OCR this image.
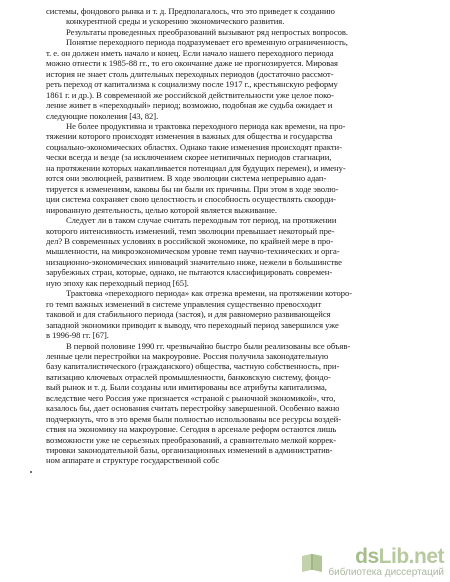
системы, фондового рынка и т. д. Предполагалось, что это приведет к созданию
конкурентной среды и ускорению экономического развития.
Результаты проведенных преобразований вызывают ряд непростых вопросов.
Понятие переходного периода подразумевает его временную ограниченность,
т. е. он должен иметь начало и конец. Если начало нашего переходного периода
можно отнести к 1985-88 гг., то его окончание даже не прогнозируется. Мировая
история не знает столь длительных переходных периодов (достаточно рассмот-
реть переход от капитализма к социализму после 1917 г., крестьянскую реформу
1861 г. и др.). В современной же российской действительности уже целое поко-
ление живет в «переходный» период; возможно, подобная же судьба ожидает и
следующие поколения [43, 82].
Не более продуктивна и трактовка переходного периода как времени, на про-
тяжении которого происходят изменения в важных для общества и государства
социально-экономических областях. Однако такие изменения происходят практи-
чески всегда и везде (за исключением скорее нетипичных периодов стагнации,
на протяжении которых накапливается потенциал для будущих перемен), и имену-
ются они эволюцией, развитием. В ходе эволюции система непрерывно адап-
тируется к изменениям, каковы бы ни были их причины. При этом в ходе эволю-
ции система сохраняет свою целостность и способность осуществлять скоорди-
нированную деятельность, целью которой является выживание.
Следует ли в таком случае считать переходным тот период, на протяжении
которого интенсивность изменений, темп эволюции превышает некоторый пре-
дел? В современных условиях в российской экономике, по крайней мере в про-
мышленности, на микроэкономическом уровне темп научно-технических и орга-
низационно-экономических инноваций значительно ниже, нежели в большинстве
зарубежных стран, которые, однако, не пытаются классифицировать современ-
ную эпоху как переходный период [65].
Трактовка «переходного периода» как отрезка времени, на протяжении которо-
го темп важных изменений в системе управления существенно превосходит
таковой и для стабильного периода (застоя), и для равномерно развивающейся
западной экономики приводит к выводу, что переходный период завершился уже
в 1996-98 гг. [67].
В первой половине 1990 гг. чрезвычайно быстро были реализованы все объяв-
ленные цели перестройки на макроуровне. Россия получила законодательную
базу капиталистического (гражданского) общества, частную собственность, при-
ватизацию ключевых отраслей промышленности, банковскую систему, фондо-
вый рынок и т. д. Были созданы или имитированы все атрибуты капитализма,
вследствие чего Россия уже признается «страной с рыночной экономикой», что,
казалось бы, дает основания считать перестройку завершенной. Особенно важно
подчеркнуть, что в это время были полностью использованы все ресурсы воздей-
ствия на экономику на макроуровне. Сегодня в арсенале реформ остаются лишь
возможности уже не серьезных преобразований, а сравнительно мелкой коррек-
тировки законодательной базы, организационных изменений в административ-
ном аппарате и структуре государственной собс
dsLib.net
библиотека диссертаций
